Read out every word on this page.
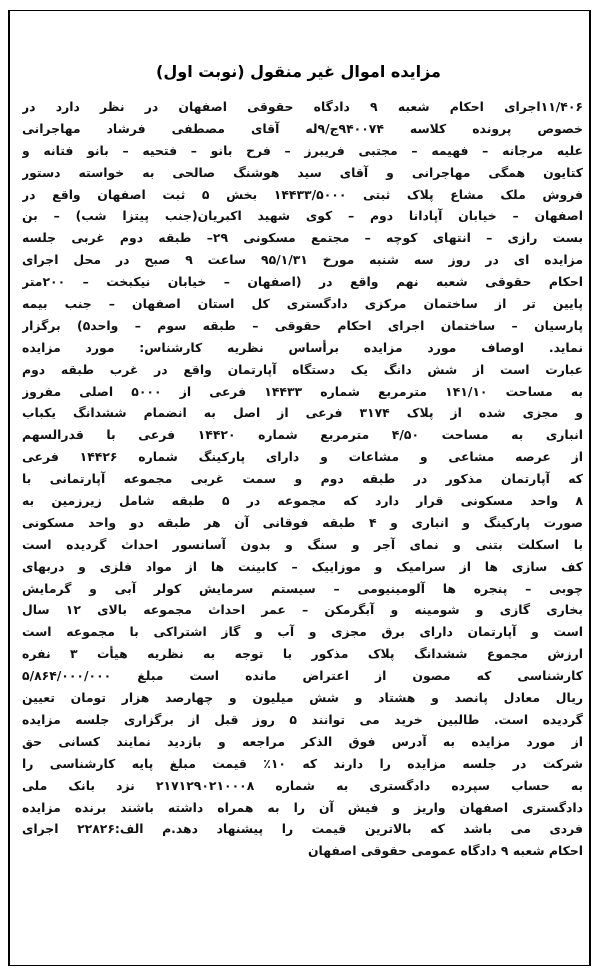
مزایده اموال غیر منقول (نوبت اول)
۱۱/۴۰۶اجرای احکام شعبه ۹ دادگاه حقوقی اصفهان در نظر دارد در
خصوص پرونده کلاسه ۹۴۰۰۷۴ج/۹له آقای مصطفی فرشاد مهاجرانی
علیه مرجانه – فهیمه – مجتبی فریبرز – فرح بانو – فتحیه – بانو فتانه و
کتایون همگی مهاجرانی و آقای سید هوشنگ صالحی به خواسته دستور
فروش ملک مشاع پلاک ثبتی ۱۴۴۳۳/۵۰۰۰ بخش ۵ ثبت اصفهان واقع در
اصفهان – خیابان آپادانا دوم – کوی شهید اکبریان(جنب پیتزا شب) – بن
بست رازی – انتهای کوچه – مجتمع مسکونی ۲۹– طبقه دوم غربی جلسه
مزایده ای در روز سه شنبه مورخ ۹۵/۱/۳۱ ساعت ۹ صبح در محل اجرای
احکام حقوقی شعبه نهم واقع در (اصفهان – خیابان نیکبخت – ۲۰۰متر
پایین تر از ساختمان مرکزی دادگستری کل استان اصفهان – جنب بیمه
پارسیان – ساختمان اجرای احکام حقوقی – طبقه سوم – واحد۵) برگزار
نماید. اوصاف مورد مزایده برأساس نظریه کارشناس: مورد مزایده
عبارت است از شش دانگ یک دستگاه آپارتمان واقع در غرب طبقه دوم
به مساحت ۱۴۱/۱۰ مترمربع شماره ۱۴۴۳۳ فرعی از ۵۰۰۰ اصلی مفروز
و مجزی شده از پلاک ۳۱۷۴ فرعی از اصل به انضمام ششدانگ یکباب
انباری به مساحت ۴/۵۰ مترمربع شماره ۱۴۴۲۰ فرعی با قدرالسهم
از عرصه مشاعی و مشاعات و دارای پارکینگ شماره ۱۴۴۲۶ فرعی
که آپارتمان مذکور در طبقه دوم و سمت غربی مجموعه آپارتمانی با
۸ واحد مسکونی قرار دارد که مجموعه در ۵ طبقه شامل زیرزمین به
صورت پارکینگ و انباری و ۴ طبقه فوقانی آن هر طبقه دو واحد مسکونی
با اسکلت بتنی و نمای آجر و سنگ و بدون آسانسور احداث گردیده است
کف سازی ها از سرامیک و موزاییک – کابینت ها از مواد فلزی و دربهای
چوبی – پنجره ها آلومینیومی – سیستم سرمایش کولر آبی و گرمایش
بخاری گازی و شومینه و آبگرمکن – عمر احداث مجموعه بالای ۱۲ سال
است و آپارتمان دارای برق مجزی و آب و گاز اشتراکی با مجموعه است
ارزش مجموع ششدانگ پلاک مذکور با توجه به نظریه هیأت ۳ نفره
کارشناسی که مصون از اعتراض مانده است مبلغ ۵/۸۶۴/۰۰۰/۰۰۰
ریال معادل پانصد و هشتاد و شش میلیون و چهارصد هزار تومان تعیین
گردیده است. طالبین خرید می توانند ۵ روز قبل از برگزاری جلسه مزایده
از مورد مزایده به آدرس فوق الذکر مراجعه و بازدید نمایند کسانی حق
شرکت در جلسه مزایده را دارند که ۱۰٪ قیمت مبلغ پایه کارشناسی را
به حساب سپرده دادگستری به شماره ۲۱۷۱۲۹۰۲۱۰۰۰۸ نزد بانک ملی
دادگستری اصفهان واریز و فیش آن را به همراه داشته باشند برنده مزایده
فردی می باشد که بالاترین قیمت را پیشنهاد دهد.م الف:۲۲۸۲۶ اجرای
احکام شعبه ۹ دادگاه عمومی حقوقی اصفهان
